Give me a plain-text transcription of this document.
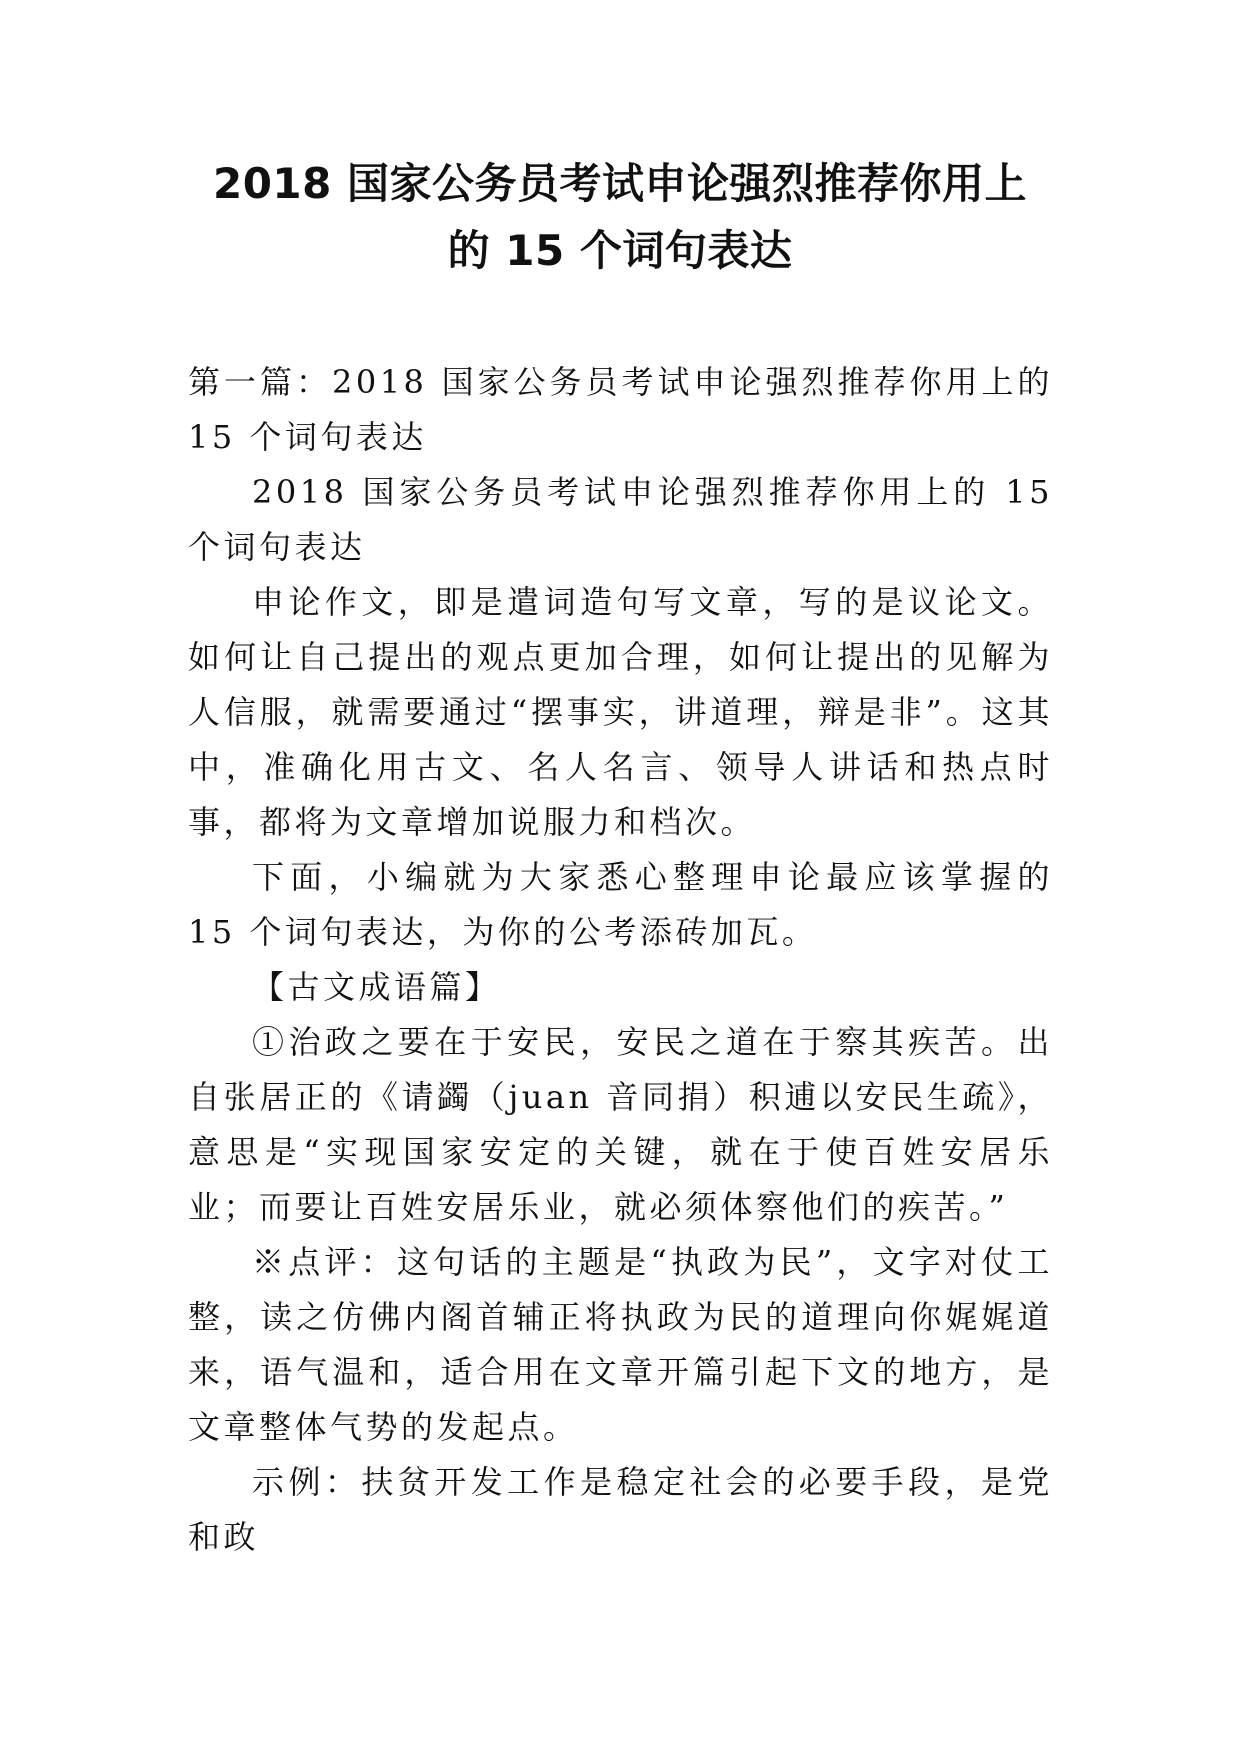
2018 国家公务员考试申论强烈推荐你用上
的 15 个词句表达

第一篇：2018 国家公务员考试申论强烈推荐你用上的 15 个词句表达

2018 国家公务员考试申论强烈推荐你用上的 15 个词句表达

申论作文，即是遣词造句写文章，写的是议论文。如何让自己提出的观点更加合理，如何让提出的见解为人信服，就需要通过“摆事实，讲道理，辩是非”。这其中，准确化用古文、名人名言、领导人讲话和热点时事，都将为文章增加说服力和档次。

下面，小编就为大家悉心整理申论最应该掌握的 15 个词句表达，为你的公考添砖加瓦。

【古文成语篇】

①治政之要在于安民，安民之道在于察其疾苦。出自张居正的《请蠲（juan 音同捐）积逋以安民生疏》，意思是“实现国家安定的关键，就在于使百姓安居乐业；而要让百姓安居乐业，就必须体察他们的疾苦。”

※点评：这句话的主题是“执政为民”，文字对仗工整，读之仿佛内阁首辅正将执政为民的道理向你娓娓道来，语气温和，适合用在文章开篇引起下文的地方，是文章整体气势的发起点。

示例：扶贫开发工作是稳定社会的必要手段，是党和政
